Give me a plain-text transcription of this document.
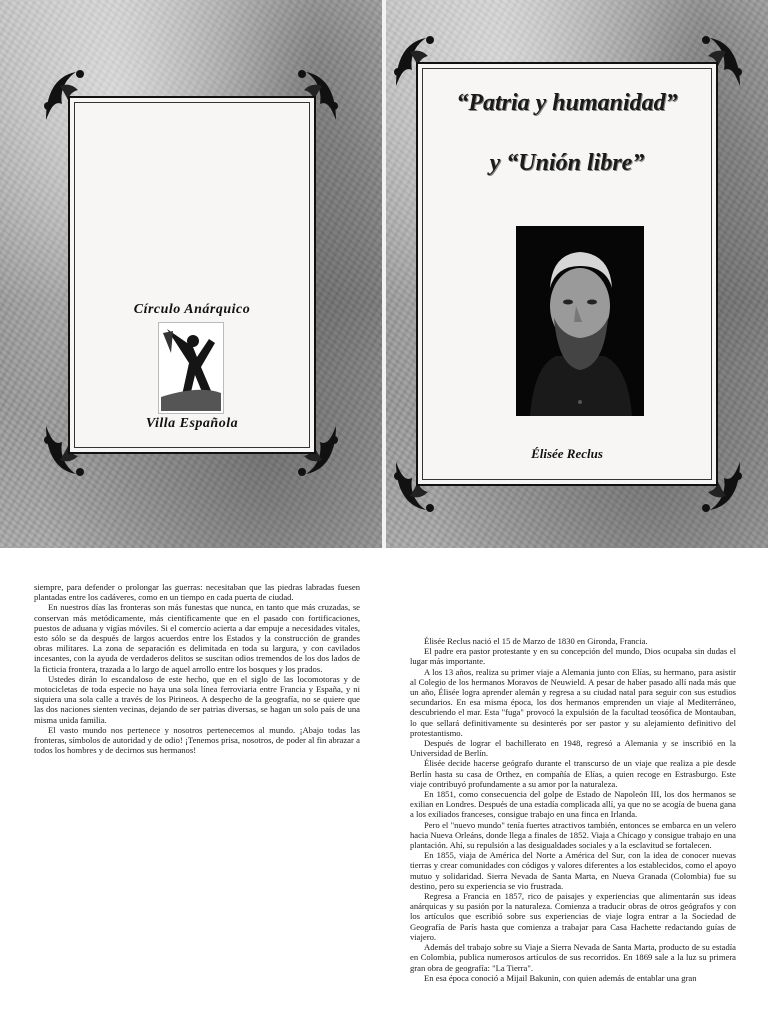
Círculo Anárquico
Villa Española
“Patria y humanidad”
y “Unión libre”
Élisée Reclus

siempre, para defender o prolongar las guerras: necesitaban que las piedras labradas fuesen plantadas entre los cadáveres, como en un tiempo en cada puerta de ciudad.

En nuestros días las fronteras son más funestas que nunca, en tanto que más cruzadas, se conservan más metódicamente, más científicamente que en el pasado con fortificaciones, puestos de aduana y vigías móviles. Si el comercio acierta a dar empuje a necesidades vitales, esto sólo se da después de largos acuerdos entre los Estados y la construcción de grandes obras militares. La zona de separación es delimitada en toda su largura, y con cavilados incesantes, con la ayuda de verdaderos delitos se suscitan odios tremendos de los dos lados de la ficticia frontera, trazada a lo largo de aquel arrollo entre los bosques y los prados.

Ustedes dirán lo escandaloso de este hecho, que en el siglo de las locomotoras y de motocicletas de toda especie no haya una sola línea ferroviaria entre Francia y España, y ni siquiera una sola calle a través de los Pirineos. A despecho de la geografía, no se quiere que las dos naciones sienten vecinas, dejando de ser patrias diversas, se hagan un solo país de una misma unida familia.

El vasto mundo nos pertenece y nosotros pertenecemos al mundo. ¡Abajo todas las fronteras, símbolos de autoridad y de odio! ¡Tenemos prisa, nosotros, de poder al fin abrazar a todos los hombres y de decirnos sus hermanos!

Élisée Reclus nació el 15 de Marzo de 1830 en Gironda, Francia.

El padre era pastor protestante y en su concepción del mundo, Dios ocupaba sin dudas el lugar más importante.

A los 13 años, realiza su primer viaje a Alemania junto con Elías, su hermano, para asistir al Colegio de los hermanos Moravos de Neuwield. A pesar de haber pasado allí nada más que un año, Élisée logra aprender alemán y regresa a su ciudad natal para seguir con sus estudios secundarios. En esa misma época, los dos hermanos emprenden un viaje al Mediterráneo, descubriendo el mar. Esta "fuga" provocó la expulsión de la facultad teosófica de Montauban, lo que sellará definitivamente su desinterés por ser pastor y su alejamiento definitivo del protestantismo.

Después de lograr el bachillerato en 1948, regresó a Alemania y se inscribió en la Universidad de Berlín.

Élisée decide hacerse geógrafo durante el transcurso de un viaje que realiza a pie desde Berlín hasta su casa de Orthez, en compañía de Elías, a quien recoge en Estrasburgo. Este viaje contribuyó profundamente a su amor por la naturaleza.

En 1851, como consecuencia del golpe de Estado de Napoleón III, los dos hermanos se exilian en Londres. Después de una estadía complicada allí, ya que no se acogía de buena gana a los exiliados franceses, consigue trabajo en una finca en Irlanda.

Pero el "nuevo mundo" tenía fuertes atractivos también, entonces se embarca en un velero hacia Nueva Orleáns, donde llega a finales de 1852. Viaja a Chicago y consigue trabajo en una plantación. Ahí, su repulsión a las desigualdades sociales y a la esclavitud se fortalecen.

En 1855, viaja de América del Norte a América del Sur, con la idea de conocer nuevas tierras y crear comunidades con códigos y valores diferentes a los establecidos, como el apoyo mutuo y solidaridad. Sierra Nevada de Santa Marta, en Nueva Granada (Colombia) fue su destino, pero su experiencia se vio frustrada.

Regresa a Francia en 1857, rico de paisajes y experiencias que alimentarán sus ideas anárquicas y su pasión por la naturaleza. Comienza a traducir obras de otros geógrafos y con los artículos que escribió sobre sus experiencias de viaje logra entrar a la Sociedad de Geografía de París hasta que comienza a trabajar para Casa Hachette redactando guías de viajero.

Además del trabajo sobre su Viaje a Sierra Nevada de Santa Marta, producto de su estadía en Colombia, publica numerosos artículos de sus recorridos. En 1869 sale a la luz su primera gran obra de geografía: "La Tierra".

En esa época conoció a Mijail Bakunin, con quien además de entablar una gran
